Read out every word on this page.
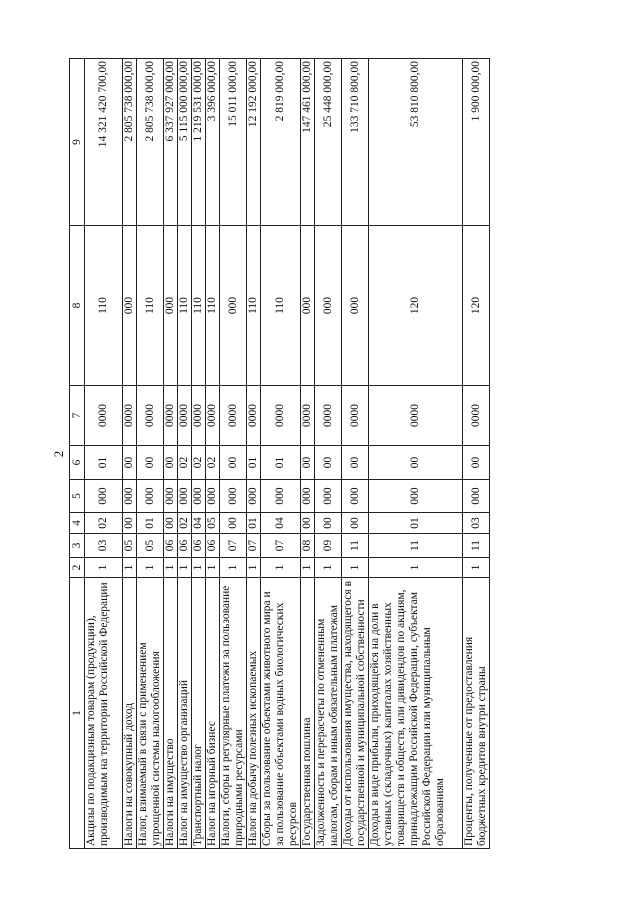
2
1	2	3	4	5	6	7	8	9
Акцизы по подакцизным товарам (продукции), производимым на территории Российской Федерации	1	03	02	000	01	0000	110	14 321 420 700,00
Налоги на совокупный доход	1	05	00	000	00	0000	000	2 805 738 000,00
Налог, взимаемый в связи с применением упрощенной системы налогообложения	1	05	01	000	00	0000	110	2 805 738 000,00
Налоги на имущество	1	06	00	000	00	0000	000	6 337 927 000,00
Налог на имущество организаций	1	06	02	000	02	0000	110	5 115 000 000,00
Транспортный налог	1	06	04	000	02	0000	110	1 219 531 000,00
Налог на игорный бизнес	1	06	05	000	02	0000	110	3 396 000,00
Налоги, сборы и регулярные платежи за пользование природными ресурсами	1	07	00	000	00	0000	000	15 011 000,00
Налог на добычу полезных ископаемых	1	07	01	000	01	0000	110	12 192 000,00
Сборы за пользование объектами животного мира и за пользование объектами водных биологических ресурсов	1	07	04	000	01	0000	110	2 819 000,00
Государственная пошлина	1	08	00	000	00	0000	000	147 461 000,00
Задолженность и перерасчеты по отмененным налогам, сборам и иным обязательным платежам	1	09	00	000	00	0000	000	25 448 000,00
Доходы от использования имущества, находящегося в государственной и муниципальной собственности	1	11	00	000	00	0000	000	133 710 800,00
Доходы в виде прибыли, приходящейся на доли в уставных (складочных) капиталах хозяйственных товариществ и обществ, или дивидендов по акциям, принадлежащим Российской Федерации, субъектам Российской Федерации или муниципальным образованиям	1	11	01	000	00	0000	120	53 810 800,00
Проценты, полученные от предоставления бюджетных кредитов внутри страны	1	11	03	000	00	0000	120	1 900 000,00
